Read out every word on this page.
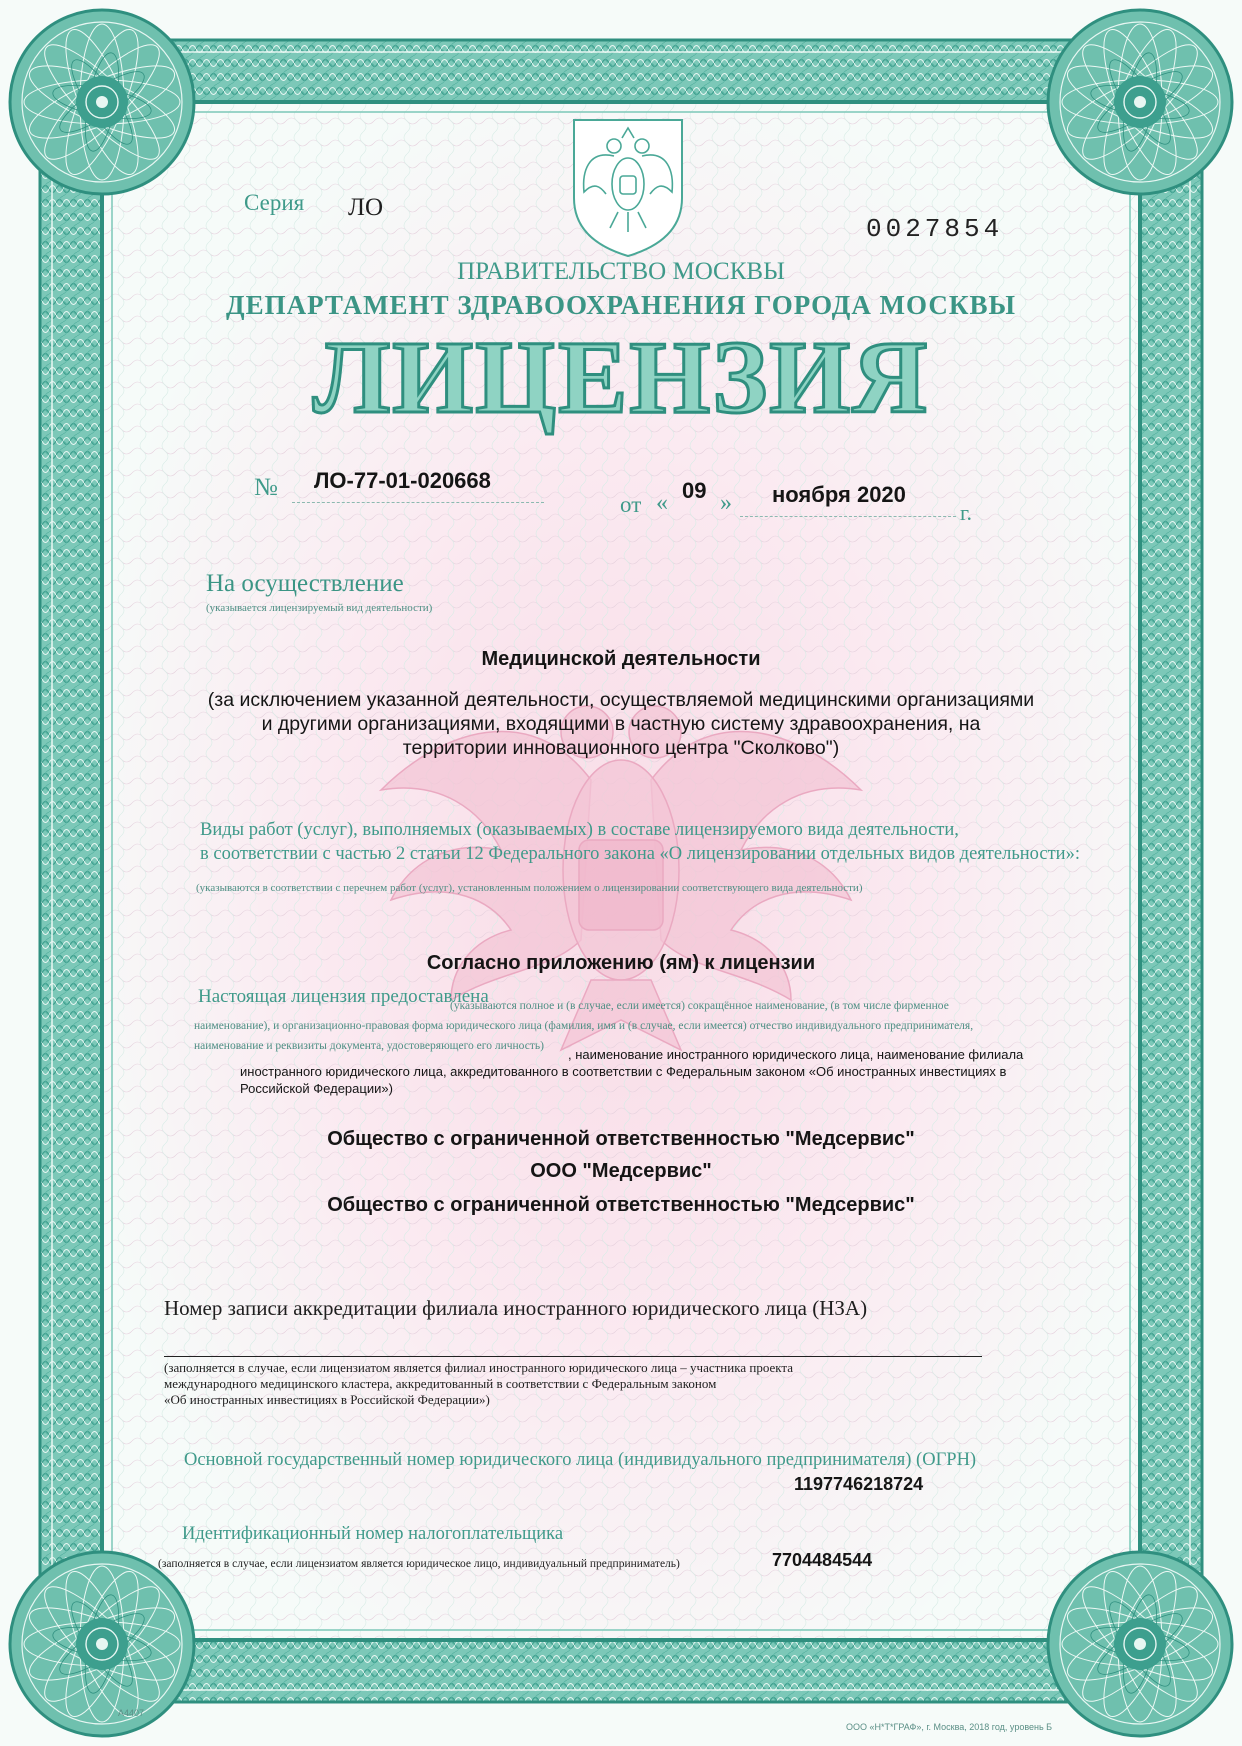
ЛИЦЕНЗИЯ
Серия ЛО
0027854
ПРАВИТЕЛЬСТВО МОСКВЫ
ДЕПАРТАМЕНТ ЗДРАВООХРАНЕНИЯ ГОРОДА МОСКВЫ
№ ЛО-77-01-020668
от « 09 » ноября 2020
г.
На осуществление
(указывается лицензируемый вид деятельности)
Медицинской деятельности
(за исключением указанной деятельности, осуществляемой медицинскими организациями
и другими организациями, входящими в частную систему здравоохранения, на
территории инновационного центра "Сколково")
Виды работ (услуг), выполняемых (оказываемых) в составе лицензируемого вида деятельности,
в соответствии с частью 2 статьи 12 Федерального закона «О лицензировании отдельных видов деятельности»:
(указываются в соответствии с перечнем работ (услуг), установленным положением о лицензировании соответствующего вида деятельности)
Согласно приложению (ям) к лицензии
Настоящая лицензия предоставлена
(указываются полное и (в случае, если имеется) сокращённое наименование, (в том числе фирменное
наименование), и организационно-правовая форма юридического лица (фамилия, имя и (в случае, если имеется) отчество индивидуального предпринимателя,
наименование и реквизиты документа, удостоверяющего его личность)
, наименование иностранного юридического лица, наименование филиала
иностранного юридического лица, аккредитованного в соответствии с Федеральным законом «Об иностранных инвестициях в
Российской Федерации»)
Общество с ограниченной ответственностью "Медсервис"
ООО "Медсервис"
Общество с ограниченной ответственностью "Медсервис"
Номер записи аккредитации филиала иностранного юридического лица (НЗА)
(заполняется в случае, если лицензиатом является филиал иностранного юридического лица – участника проекта
международного медицинского кластера, аккредитованный в соответствии с Федеральным законом
«Об иностранных инвестициях в Российской Федерации»)
Основной государственный номер юридического лица (индивидуального предпринимателя) (ОГРН)
1197746218724
Идентификационный номер налогоплательщика
(заполняется в случае, если лицензиатом является юридическое лицо, индивидуальный предприниматель)	7704484544
А4407
ООО «Н*Т*ГРАФ», г. Москва, 2018 год, уровень Б
